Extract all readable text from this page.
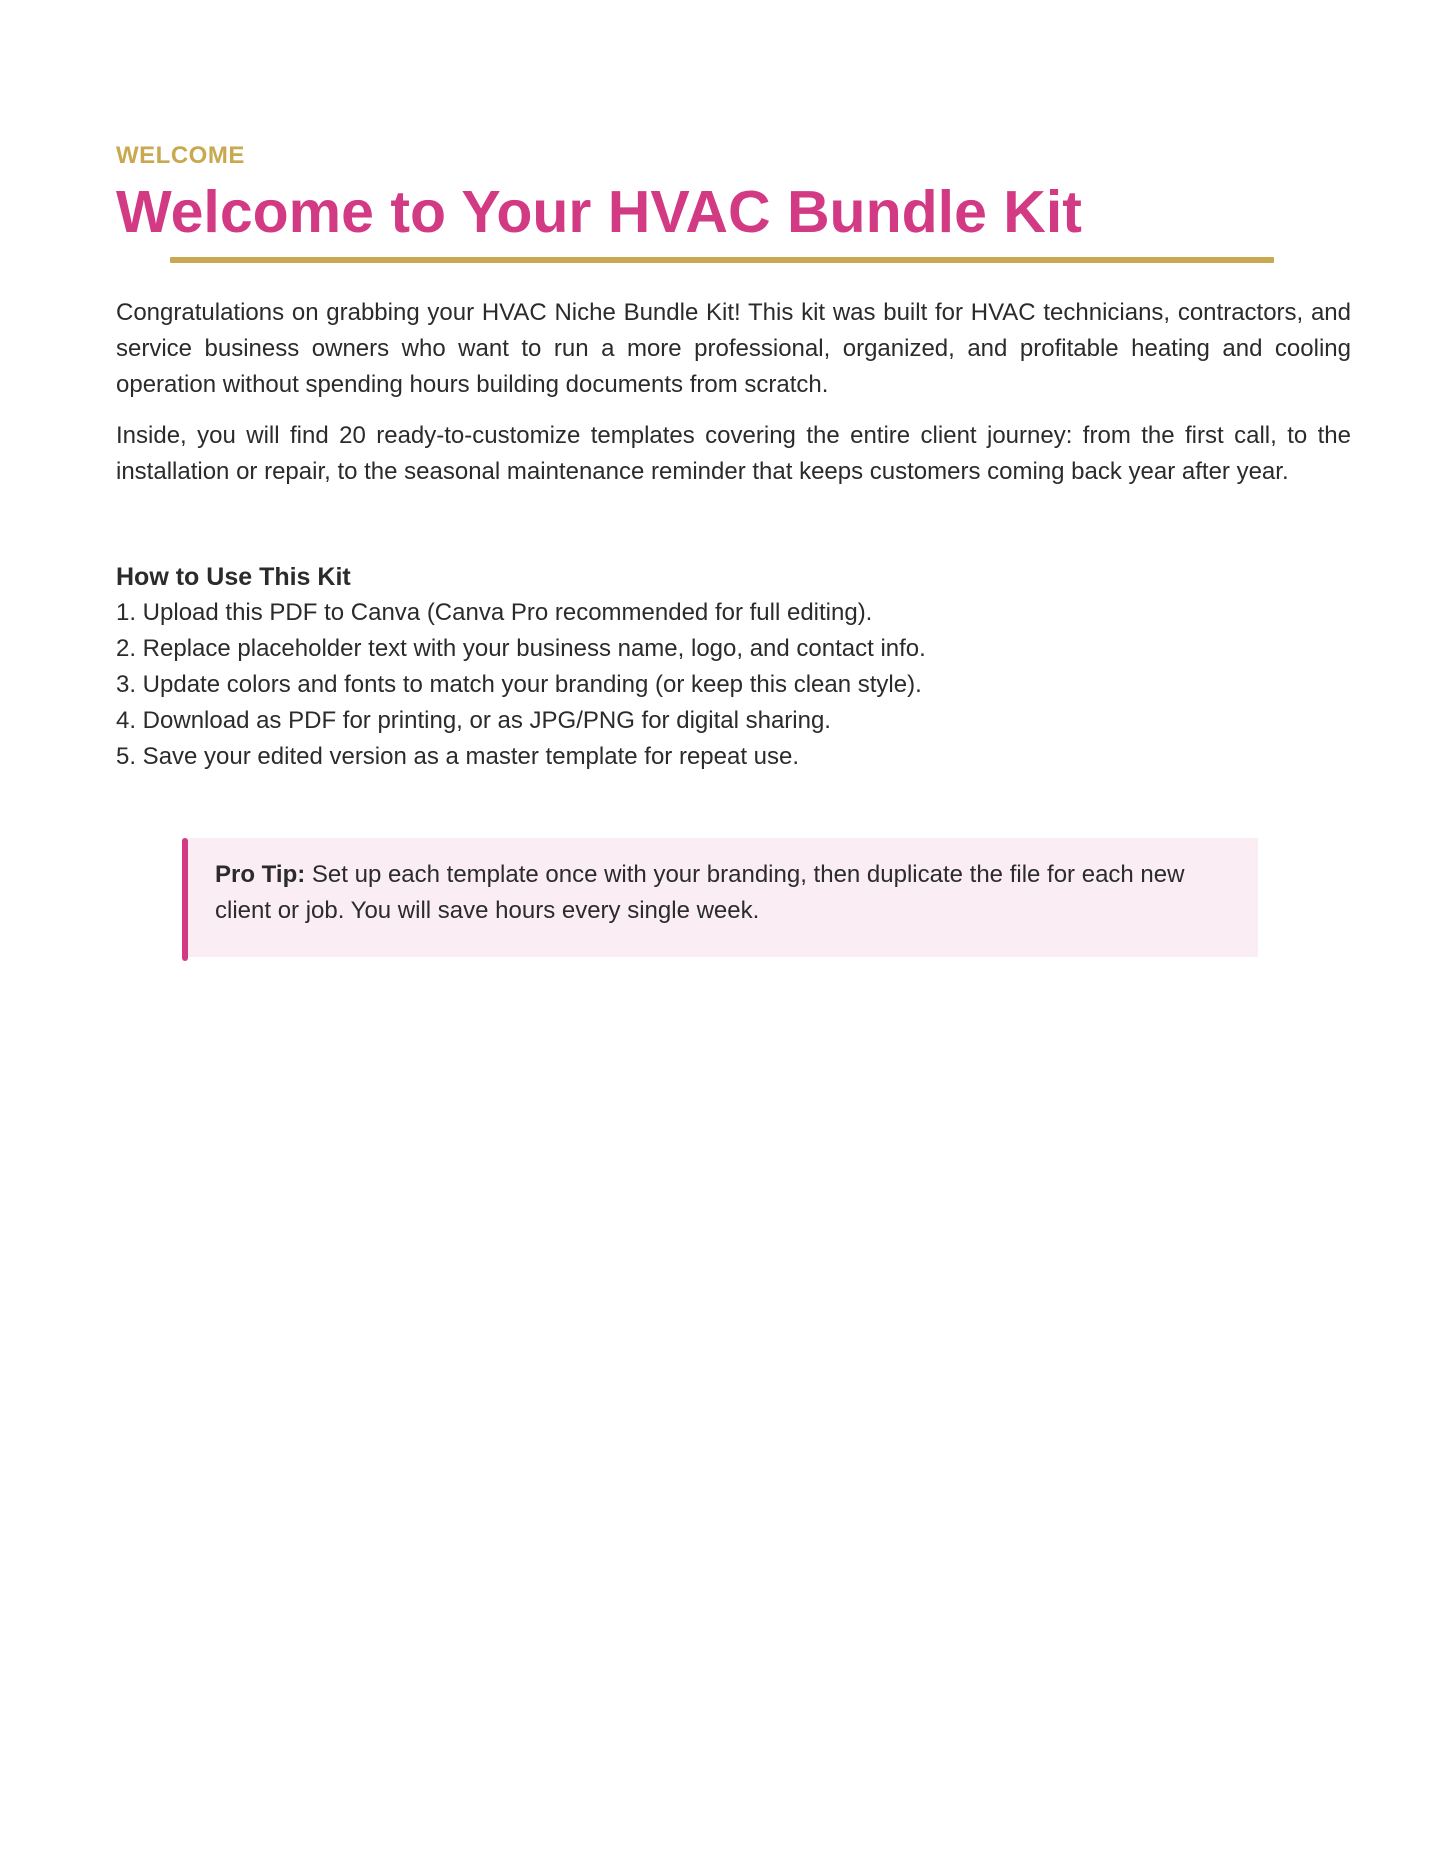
WELCOME
Welcome to Your HVAC Bundle Kit

Congratulations on grabbing your HVAC Niche Bundle Kit! This kit was built for HVAC technicians, contractors, and service business owners who want to run a more professional, organized, and profitable heating and cooling operation without spending hours building documents from scratch.

Inside, you will find 20 ready-to-customize templates covering the entire client journey: from the first call, to the installation or repair, to the seasonal maintenance reminder that keeps customers coming back year after year.

How to Use This Kit
1. Upload this PDF to Canva (Canva Pro recommended for full editing).
2. Replace placeholder text with your business name, logo, and contact info.
3. Update colors and fonts to match your branding (or keep this clean style).
4. Download as PDF for printing, or as JPG/PNG for digital sharing.
5. Save your edited version as a master template for repeat use.
Pro Tip: Set up each template once with your branding, then duplicate the file for each new client or job. You will save hours every single week.
